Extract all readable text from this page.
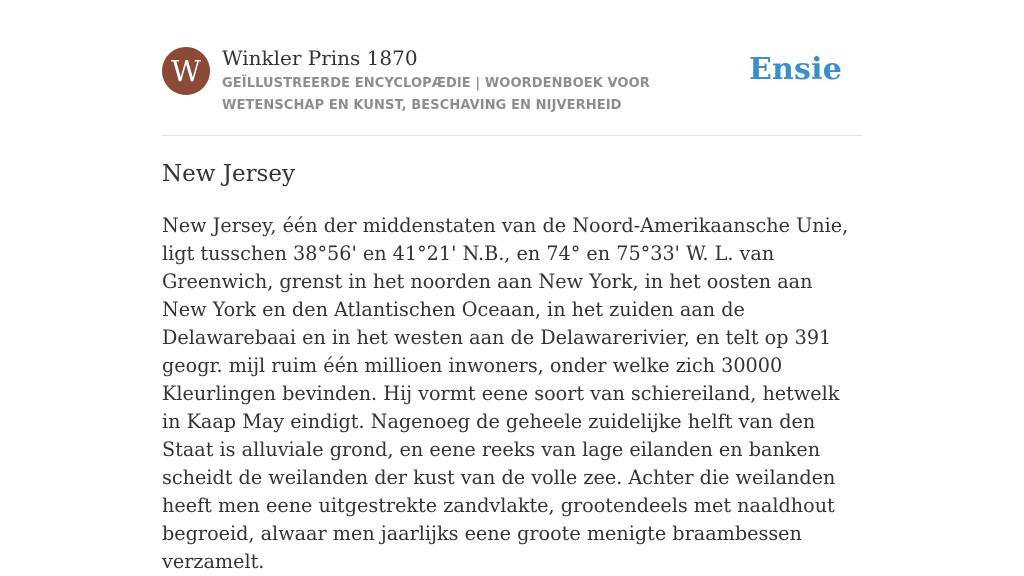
W	Winkler Prins 1870
GEÏLLUSTREERDE ENCYCLOPÆDIE | WOORDENBOEK VOOR WETENSCHAP EN KUNST, BESCHAVING EN NIJVERHEID
Ensie
New Jersey

New Jersey, één der middenstaten van de Noord-Amerikaansche Unie, ligt tusschen 38°56' en 41°21' N.B., en 74° en 75°33' W. L. van Greenwich, grenst in het noorden aan New York, in het oosten aan New York en den Atlantischen Oceaan, in het zuiden aan de Delawarebaai en in het westen aan de Delawarerivier, en telt op 391 geogr. mijl ruim één millioen inwoners, onder welke zich 30000 Kleurlingen bevinden. Hij vormt eene soort van schiereiland, hetwelk in Kaap May eindigt. Nagenoeg de geheele zuidelijke helft van den Staat is alluviale grond, en eene reeks van lage eilanden en banken scheidt de weilanden der kust van de volle zee. Achter die weilanden heeft men eene uitgestrekte zandvlakte, grootendeels met naaldhout begroeid, alwaar men jaarlijks eene groote menigte braambessen verzamelt.
